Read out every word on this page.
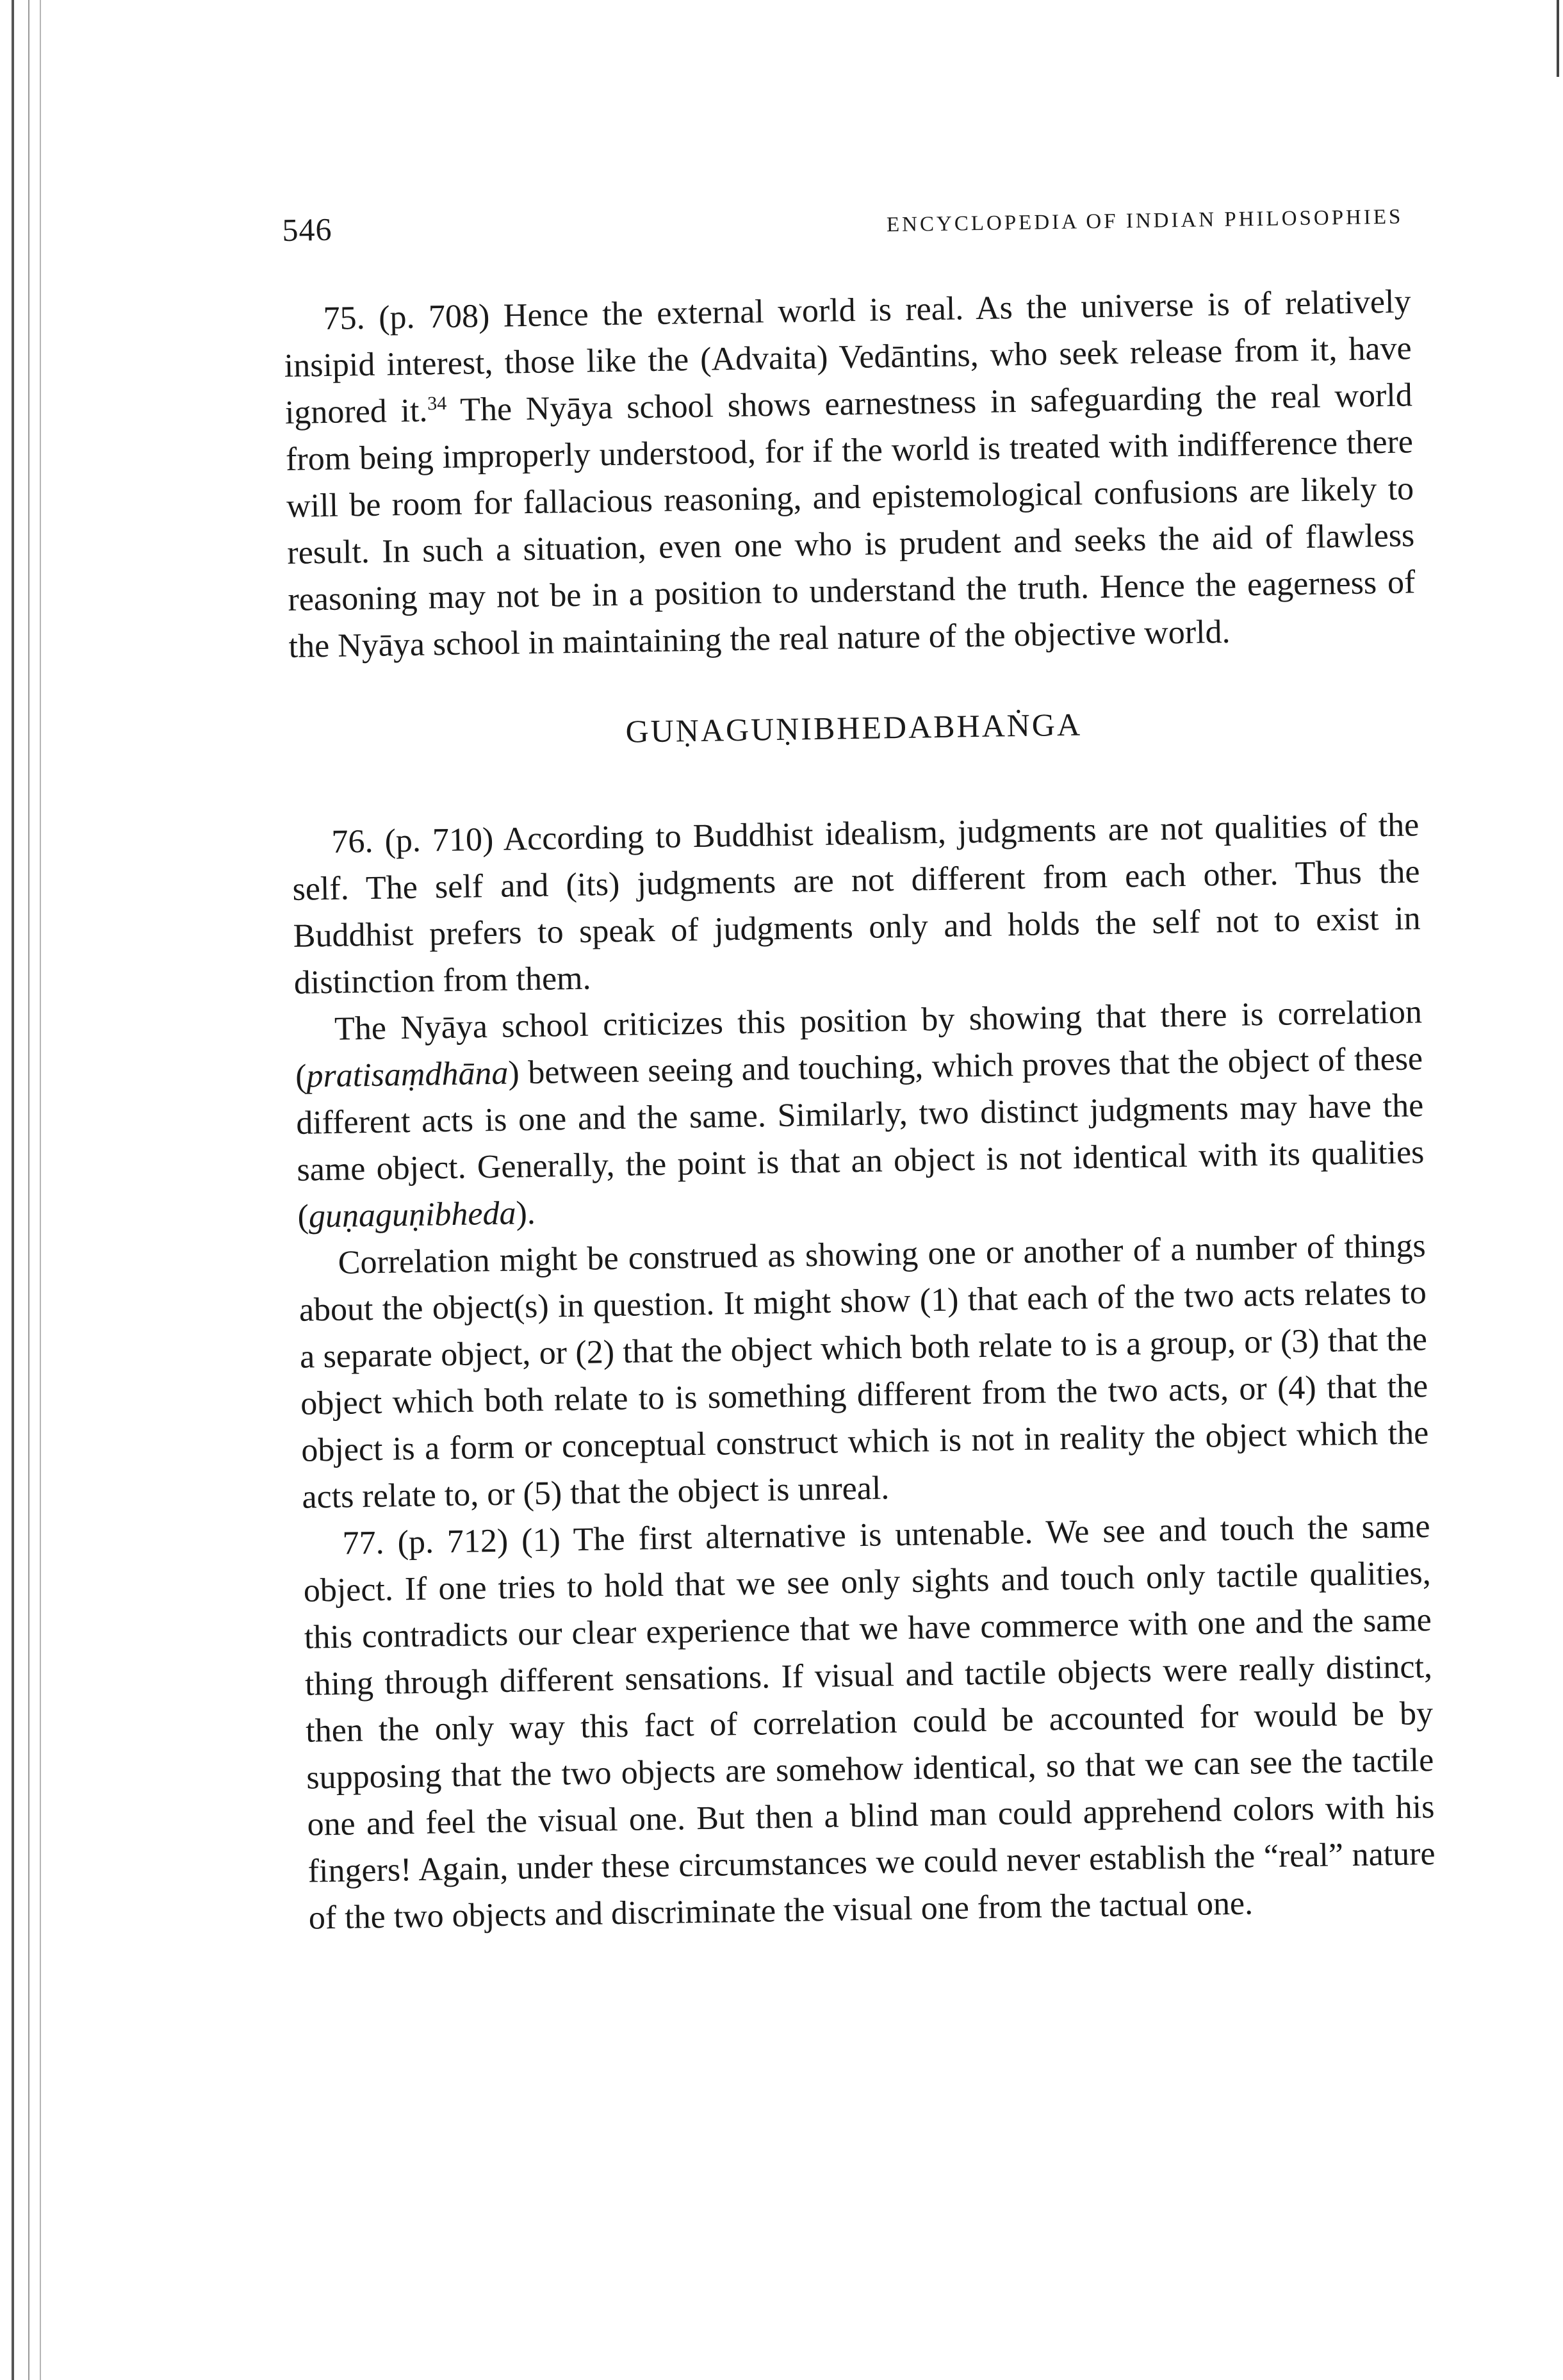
546	ENCYCLOPEDIA OF INDIAN PHILOSOPHIES

75. (p. 708) Hence the external world is real. As the universe is of relatively insipid interest, those like the (Advaita) Vedāntins, who seek release from it, have ignored it.$^{34}$ The Nyāya school shows earnestness in safeguarding the real world from being improperly understood, for if the world is treated with indifference there will be room for fallacious reasoning, and epistemological confusions are likely to result. In such a situation, even one who is prudent and seeks the aid of flawless reasoning may not be in a position to understand the truth. Hence the eagerness of the Nyāya school in maintaining the real nature of the objective world.

GUṆAGUṆIBHEDABHAṄGA

76. (p. 710) According to Buddhist idealism, judgments are not qualities of the self. The self and (its) judgments are not different from each other. Thus the Buddhist prefers to speak of judgments only and holds the self not to exist in distinction from them.

The Nyāya school criticizes this position by showing that there is correlation (pratisaṃdhāna) between seeing and touching, which proves that the object of these different acts is one and the same. Similarly, two distinct judgments may have the same object. Generally, the point is that an object is not identical with its qualities (guṇaguṇibheda).

Correlation might be construed as showing one or another of a number of things about the object(s) in question. It might show (1) that each of the two acts relates to a separate object, or (2) that the object which both relate to is a group, or (3) that the object which both relate to is something different from the two acts, or (4) that the object is a form or conceptual construct which is not in reality the object which the acts relate to, or (5) that the object is unreal.

77. (p. 712) (1) The first alternative is untenable. We see and touch the same object. If one tries to hold that we see only sights and touch only tactile qualities, this contradicts our clear experience that we have commerce with one and the same thing through different sensations. If visual and tactile objects were really distinct, then the only way this fact of correlation could be accounted for would be by supposing that the two objects are somehow identical, so that we can see the tactile one and feel the visual one. But then a blind man could apprehend colors with his fingers! Again, under these circumstances we could never establish the “real” nature of the two objects and discriminate the visual one from the tactual one.
